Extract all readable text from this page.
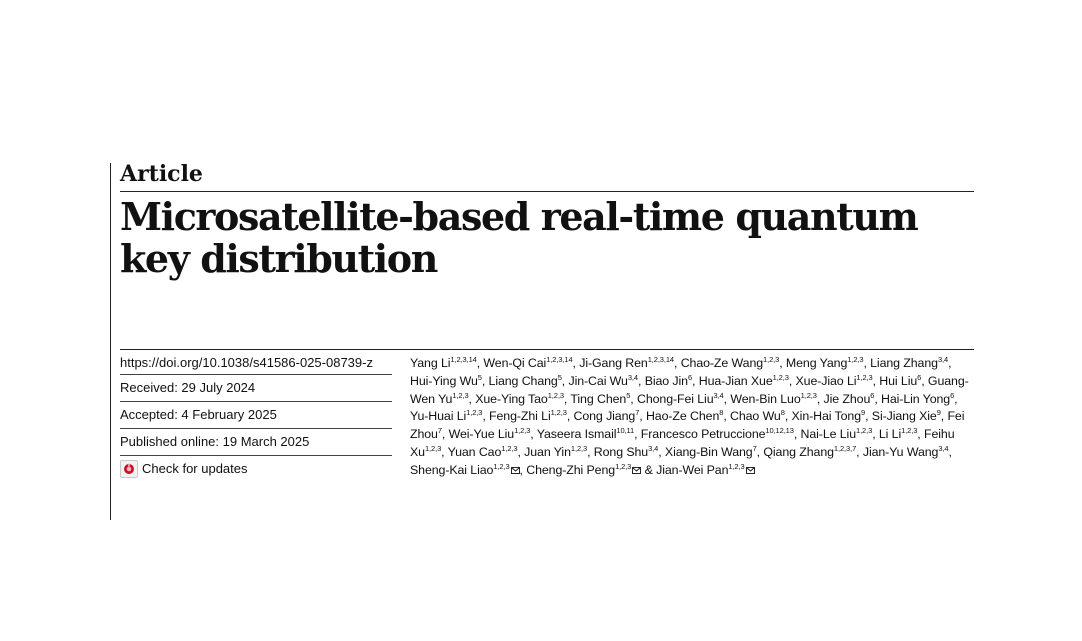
Article
Microsatellite-based real-time quantum key distribution
https://doi.org/10.1038/s41586-025-08739-z
Received: 29 July 2024
Accepted: 4 February 2025
Published online: 19 March 2025
Check for updates
Yang Li$^{1,2,3,14}$, Wen-Qi Cai$^{1,2,3,14}$, Ji-Gang Ren$^{1,2,3,14}$, Chao-Ze Wang$^{1,2,3}$, Meng Yang$^{1,2,3}$, Liang Zhang$^{3,4}$, Hui-Ying Wu$^5$, Liang Chang$^5$, Jin-Cai Wu$^{3,4}$, Biao Jin$^6$, Hua-Jian Xue$^{1,2,3}$, Xue-Jiao Li$^{1,2,3}$, Hui Liu$^6$, Guang-Wen Yu$^{1,2,3}$, Xue-Ying Tao$^{1,2,3}$, Ting Chen$^5$, Chong-Fei Liu$^{3,4}$, Wen-Bin Luo$^{1,2,3}$, Jie Zhou$^6$, Hai-Lin Yong$^6$, Yu-Huai Li$^{1,2,3}$, Feng-Zhi Li$^{1,2,3}$, Cong Jiang$^7$, Hao-Ze Chen$^8$, Chao Wu$^8$, Xin-Hai Tong$^9$, Si-Jiang Xie$^9$, Fei Zhou$^7$, Wei-Yue Liu$^{1,2,3}$, Yaseera Ismail$^{10,11}$, Francesco Petruccione$^{10,12,13}$, Nai-Le Liu$^{1,2,3}$, Li Li$^{1,2,3}$, Feihu Xu$^{1,2,3}$, Yuan Cao$^{1,2,3}$, Juan Yin$^{1,2,3}$, Rong Shu$^{3,4}$, Xiang-Bin Wang$^7$, Qiang Zhang$^{1,2,3,7}$, Jian-Yu Wang$^{3,4}$, Sheng-Kai Liao$^{1,2,3}$ , Cheng-Zhi Peng$^{1,2,3}$ & Jian-Wei Pan$^{1,2,3}$
